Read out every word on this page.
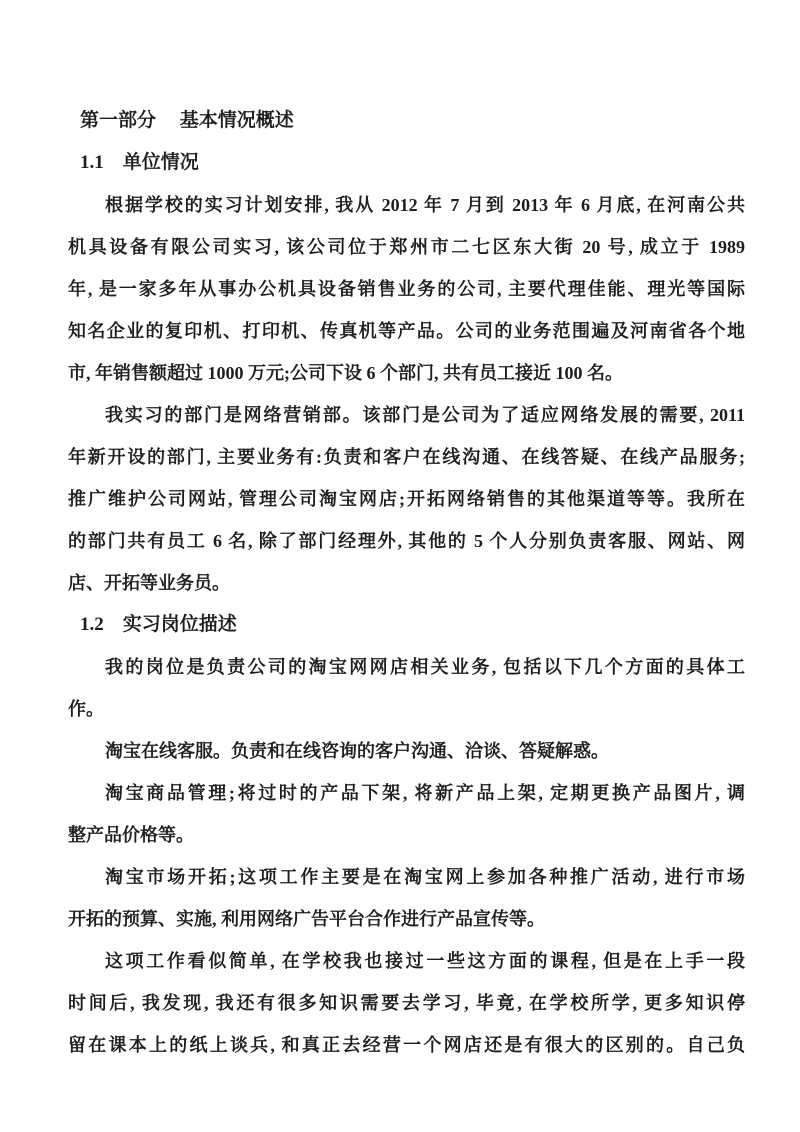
第一部分　 基本情况概述
1.1　单位情况
根据学校的实习计划安排, 我从 2012 年 7 月到 2013 年 6 月底, 在河南公共
机具设备有限公司实习, 该公司位于郑州市二七区东大街 20 号, 成立于 1989
年, 是一家多年从事办公机具设备销售业务的公司, 主要代理佳能、理光等国际
知名企业的复印机、打印机、传真机等产品。公司的业务范围遍及河南省各个地
市, 年销售额超过 1000 万元;公司下设 6 个部门, 共有员工接近 100 名。
我实习的部门是网络营销部。该部门是公司为了适应网络发展的需要, 2011
年新开设的部门, 主要业务有:负责和客户在线沟通、在线答疑、在线产品服务;
推广维护公司网站, 管理公司淘宝网店;开拓网络销售的其他渠道等等。我所在
的部门共有员工 6 名, 除了部门经理外, 其他的 5 个人分别负责客服、网站、网
店、开拓等业务员。
1.2　实习岗位描述
我的岗位是负责公司的淘宝网网店相关业务, 包括以下几个方面的具体工
作。
淘宝在线客服。负责和在线咨询的客户沟通、洽谈、答疑解惑。
淘宝商品管理;将过时的产品下架, 将新产品上架, 定期更换产品图片, 调
整产品价格等。
淘宝市场开拓;这项工作主要是在淘宝网上参加各种推广活动, 进行市场
开拓的预算、实施, 利用网络广告平台合作进行产品宣传等。
这项工作看似简单, 在学校我也接过一些这方面的课程, 但是在上手一段
时间后, 我发现, 我还有很多知识需要去学习, 毕竟, 在学校所学, 更多知识停
留在课本上的纸上谈兵, 和真正去经营一个网店还是有很大的区别的。自己负
